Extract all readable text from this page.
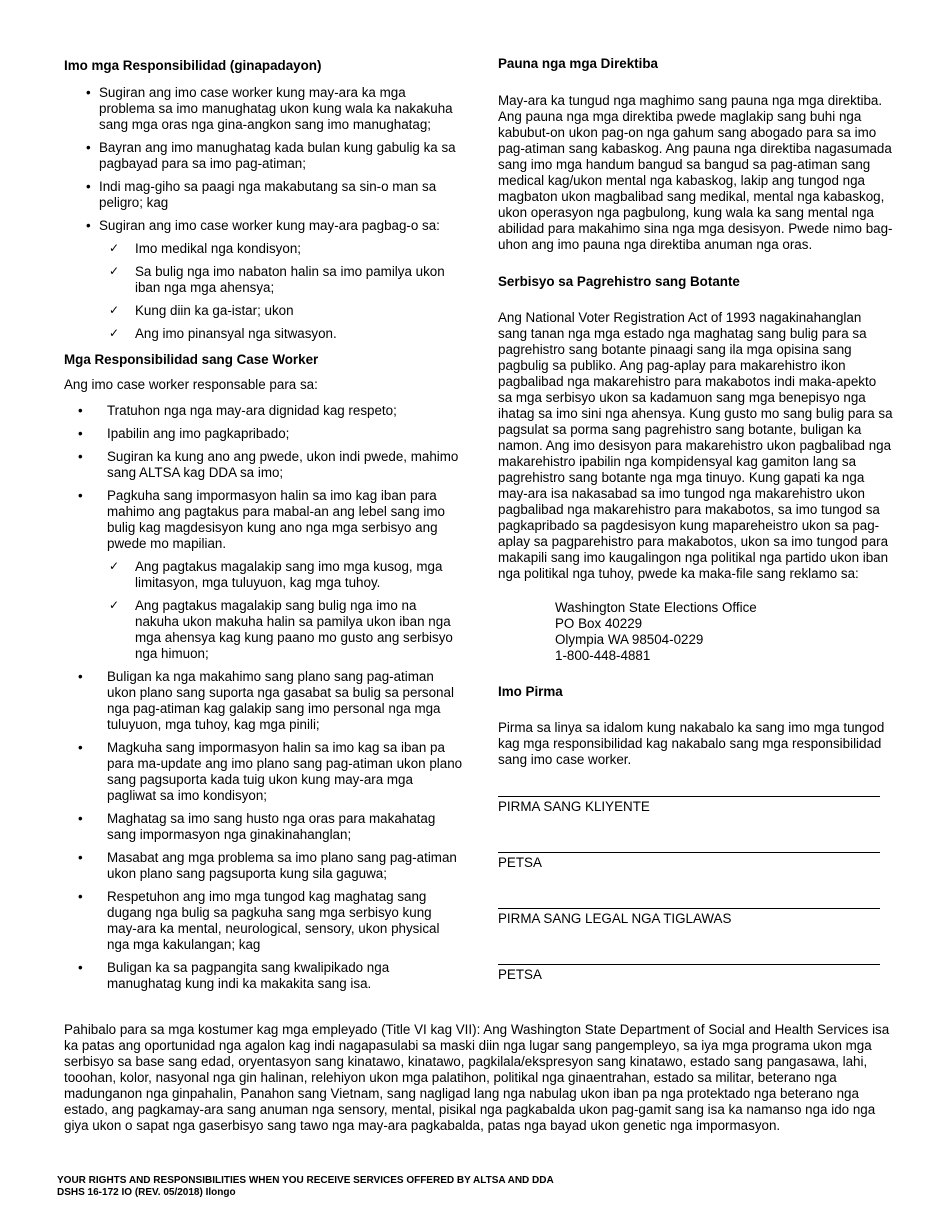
Imo mga Responsibilidad (ginapadayon)
• Sugiran ang imo case worker kung may-ara ka mga problema sa imo manughatag ukon kung wala ka nakakuha sang mga oras nga gina-angkon sang imo manughatag;
• Bayran ang imo manughatag kada bulan kung gabulig ka sa pagbayad para sa imo pag-atiman;
• Indi mag-giho sa paagi nga makabutang sa sin-o man sa peligro; kag
• Sugiran ang imo case worker kung may-ara pagbag-o sa:
✓ Imo medikal nga kondisyon;
✓ Sa bulig nga imo nabaton halin sa imo pamilya ukon iban nga mga ahensya;
✓ Kung diin ka ga-istar; ukon
✓ Ang imo pinansyal nga sitwasyon.
Mga Responsibilidad sang Case Worker

Ang imo case worker responsable para sa:

• Tratuhon nga nga may-ara dignidad kag respeto;
• Ipabilin ang imo pagkapribado;
• Sugiran ka kung ano ang pwede, ukon indi pwede, mahimo sang ALTSA kag DDA sa imo;
• Pagkuha sang impormasyon halin sa imo kag iban para mahimo ang pagtakus para mabal-an ang lebel sang imo bulig kag magdesisyon kung ano nga mga serbisyo ang pwede mo mapilian.
✓ Ang pagtakus magalakip sang imo mga kusog, mga limitasyon, mga tuluyuon, kag mga tuhoy.
✓ Ang pagtakus magalakip sang bulig nga imo na nakuha ukon makuha halin sa pamilya ukon iban nga mga ahensya kag kung paano mo gusto ang serbisyo nga himuon;
• Buligan ka nga makahimo sang plano sang pag-atiman ukon plano sang suporta nga gasabat sa bulig sa personal nga pag-atiman kag galakip sang imo personal nga mga tuluyuon, mga tuhoy, kag mga pinili;
• Magkuha sang impormasyon halin sa imo kag sa iban pa para ma-update ang imo plano sang pag-atiman ukon plano sang pagsuporta kada tuig ukon kung may-ara mga pagliwat sa imo kondisyon;
• Maghatag sa imo sang husto nga oras para makahatag sang impormasyon nga ginakinahanglan;
• Masabat ang mga problema sa imo plano sang pag-atiman ukon plano sang pagsuporta kung sila gaguwa;
• Respetuhon ang imo mga tungod kag maghatag sang dugang nga bulig sa pagkuha sang mga serbisyo kung may-ara ka mental, neurological, sensory, ukon physical nga mga kakulangan; kag
• Buligan ka sa pagpangita sang kwalipikado nga manughatag kung indi ka makakita sang isa.
Pauna nga mga Direktiba

May-ara ka tungud nga maghimo sang pauna nga mga direktiba. Ang pauna nga mga direktiba pwede maglakip sang buhi nga kabubut-on ukon pag-on nga gahum sang abogado para sa imo pag-atiman sang kabaskog. Ang pauna nga direktiba nagasumada sang imo mga handum bangud sa bangud sa pag-atiman sang medical kag/ukon mental nga kabaskog, lakip ang tungod nga magbaton ukon magbalibad sang medikal, mental nga kabaskog, ukon operasyon nga pagbulong, kung wala ka sang mental nga abilidad para makahimo sina nga mga desisyon. Pwede nimo bag-uhon ang imo pauna nga direktiba anuman nga oras.

Serbisyo sa Pagrehistro sang Botante

Ang National Voter Registration Act of 1993 nagakinahanglan sang tanan nga mga estado nga maghatag sang bulig para sa pagrehistro sang botante pinaagi sang ila mga opisina sang pagbulig sa publiko. Ang pag-aplay para makarehistro ikon pagbalibad nga makarehistro para makabotos indi maka-apekto sa mga serbisyo ukon sa kadamuon sang mga benepisyo nga ihatag sa imo sini nga ahensya. Kung gusto mo sang bulig para sa pagsulat sa porma sang pagrehistro sang botante, buligan ka namon. Ang imo desisyon para makarehistro ukon pagbalibad nga makarehistro ipabilin nga kompidensyal kag gamiton lang sa pagrehistro sang botante nga mga tinuyo. Kung gapati ka nga may-ara isa nakasabad sa imo tungod nga makarehistro ukon pagbalibad nga makarehistro para makabotos, sa imo tungod sa pagkapribado sa pagdesisyon kung mapareheistro ukon sa pag-aplay sa pagparehistro para makabotos, ukon sa imo tungod para makapili sang imo kaugalingon nga politikal nga partido ukon iban nga politikal nga tuhoy, pwede ka maka-file sang reklamo sa:

Washington State Elections Office
PO Box 40229
Olympia WA 98504-0229
1-800-448-4881
Imo Pirma

Pirma sa linya sa idalom kung nakabalo ka sang imo mga tungod kag mga responsibilidad kag nakabalo sang mga responsibilidad sang imo case worker.

PIRMA SANG KLIYENTE
PETSA
PIRMA SANG LEGAL NGA TIGLAWAS
PETSA

Pahibalo para sa mga kostumer kag mga empleyado (Title VI kag VII): Ang Washington State Department of Social and Health Services isa ka patas ang oportunidad nga agalon kag indi nagapasulabi sa maski diin nga lugar sang pangempleyo, sa iya mga programa ukon mga serbisyo sa base sang edad, oryentasyon sang kinatawo, kinatawo, pagkilala/ekspresyon sang kinatawo, estado sang pangasawa, lahi, tooohan, kolor, nasyonal nga gin halinan, relehiyon ukon mga palatihon, politikal nga ginaentrahan, estado sa militar, beterano nga madunganon nga ginpahalin, Panahon sang Vietnam, sang nagligad lang nga nabulag ukon iban pa nga protektado nga beterano nga estado, ang pagkamay-ara sang anuman nga sensory, mental, pisikal nga pagkabalda ukon pag-gamit sang isa ka namanso nga ido nga giya ukon o sapat nga gaserbisyo sang tawo nga may-ara pagkabalda, patas nga bayad ukon genetic nga impormasyon.

YOUR RIGHTS AND RESPONSIBILITIES WHEN YOU RECEIVE SERVICES OFFERED BY ALTSA AND DDA
DSHS 16-172 IO (REV. 05/2018) Ilongo
